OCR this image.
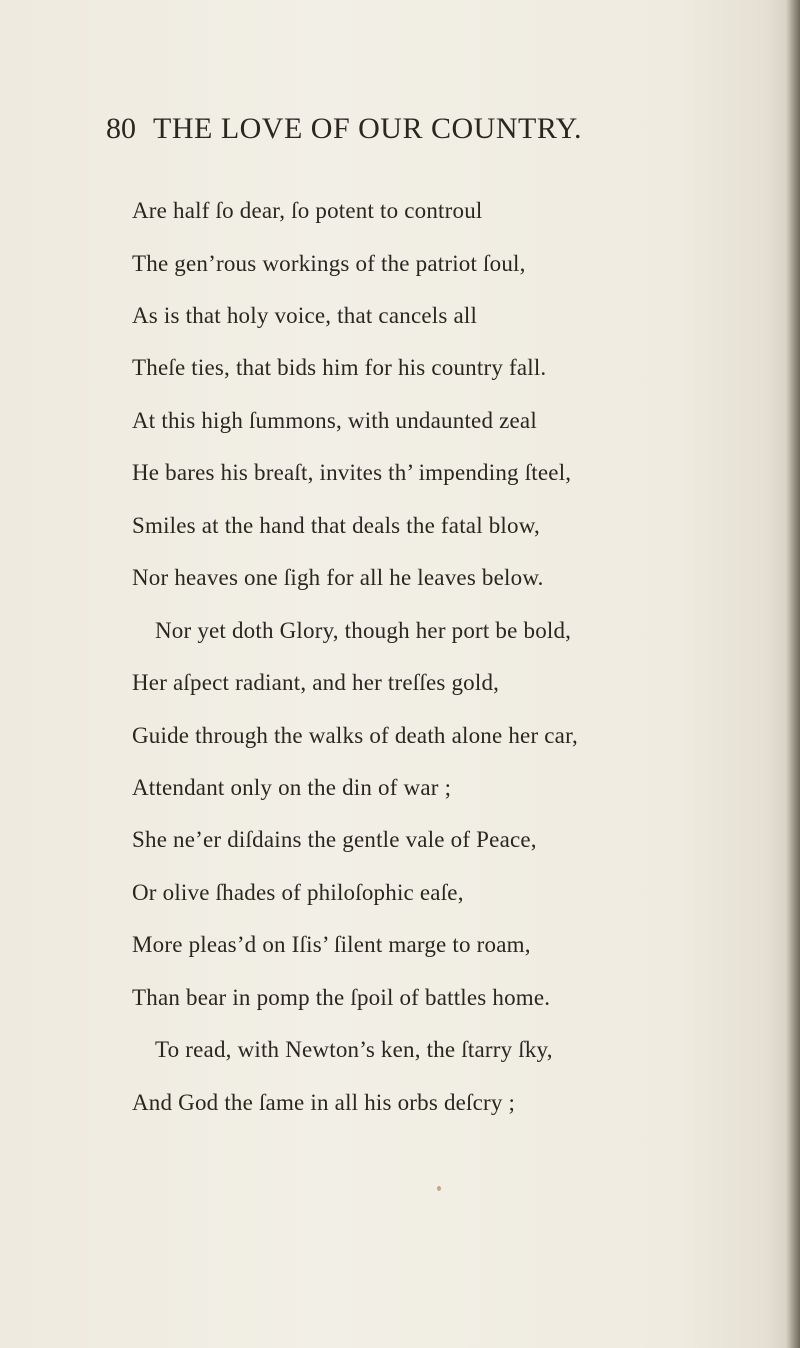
80 THE LOVE OF OUR COUNTRY.
Are half ſo dear, ſo potent to controul
The gen’rous workings of the patriot ſoul,
As is that holy voice, that cancels all
Theſe ties, that bids him for his country fall.
At this high ſummons, with undaunted zeal
He bares his breaſt, invites th’ impending ſteel,
Smiles at the hand that deals the fatal blow,
Nor heaves one ſigh for all he leaves below.
Nor yet doth Glory, though her port be bold,
Her aſpect radiant, and her treſſes gold,
Guide through the walks of death alone her car,
Attendant only on the din of war ;
She ne’er diſdains the gentle vale of Peace,
Or olive ſhades of philoſophic eaſe,
More pleas’d on Iſis’ ſilent marge to roam,
Than bear in pomp the ſpoil of battles home.
To read, with Newton’s ken, the ſtarry ſky,
And God the ſame in all his orbs deſcry ;
